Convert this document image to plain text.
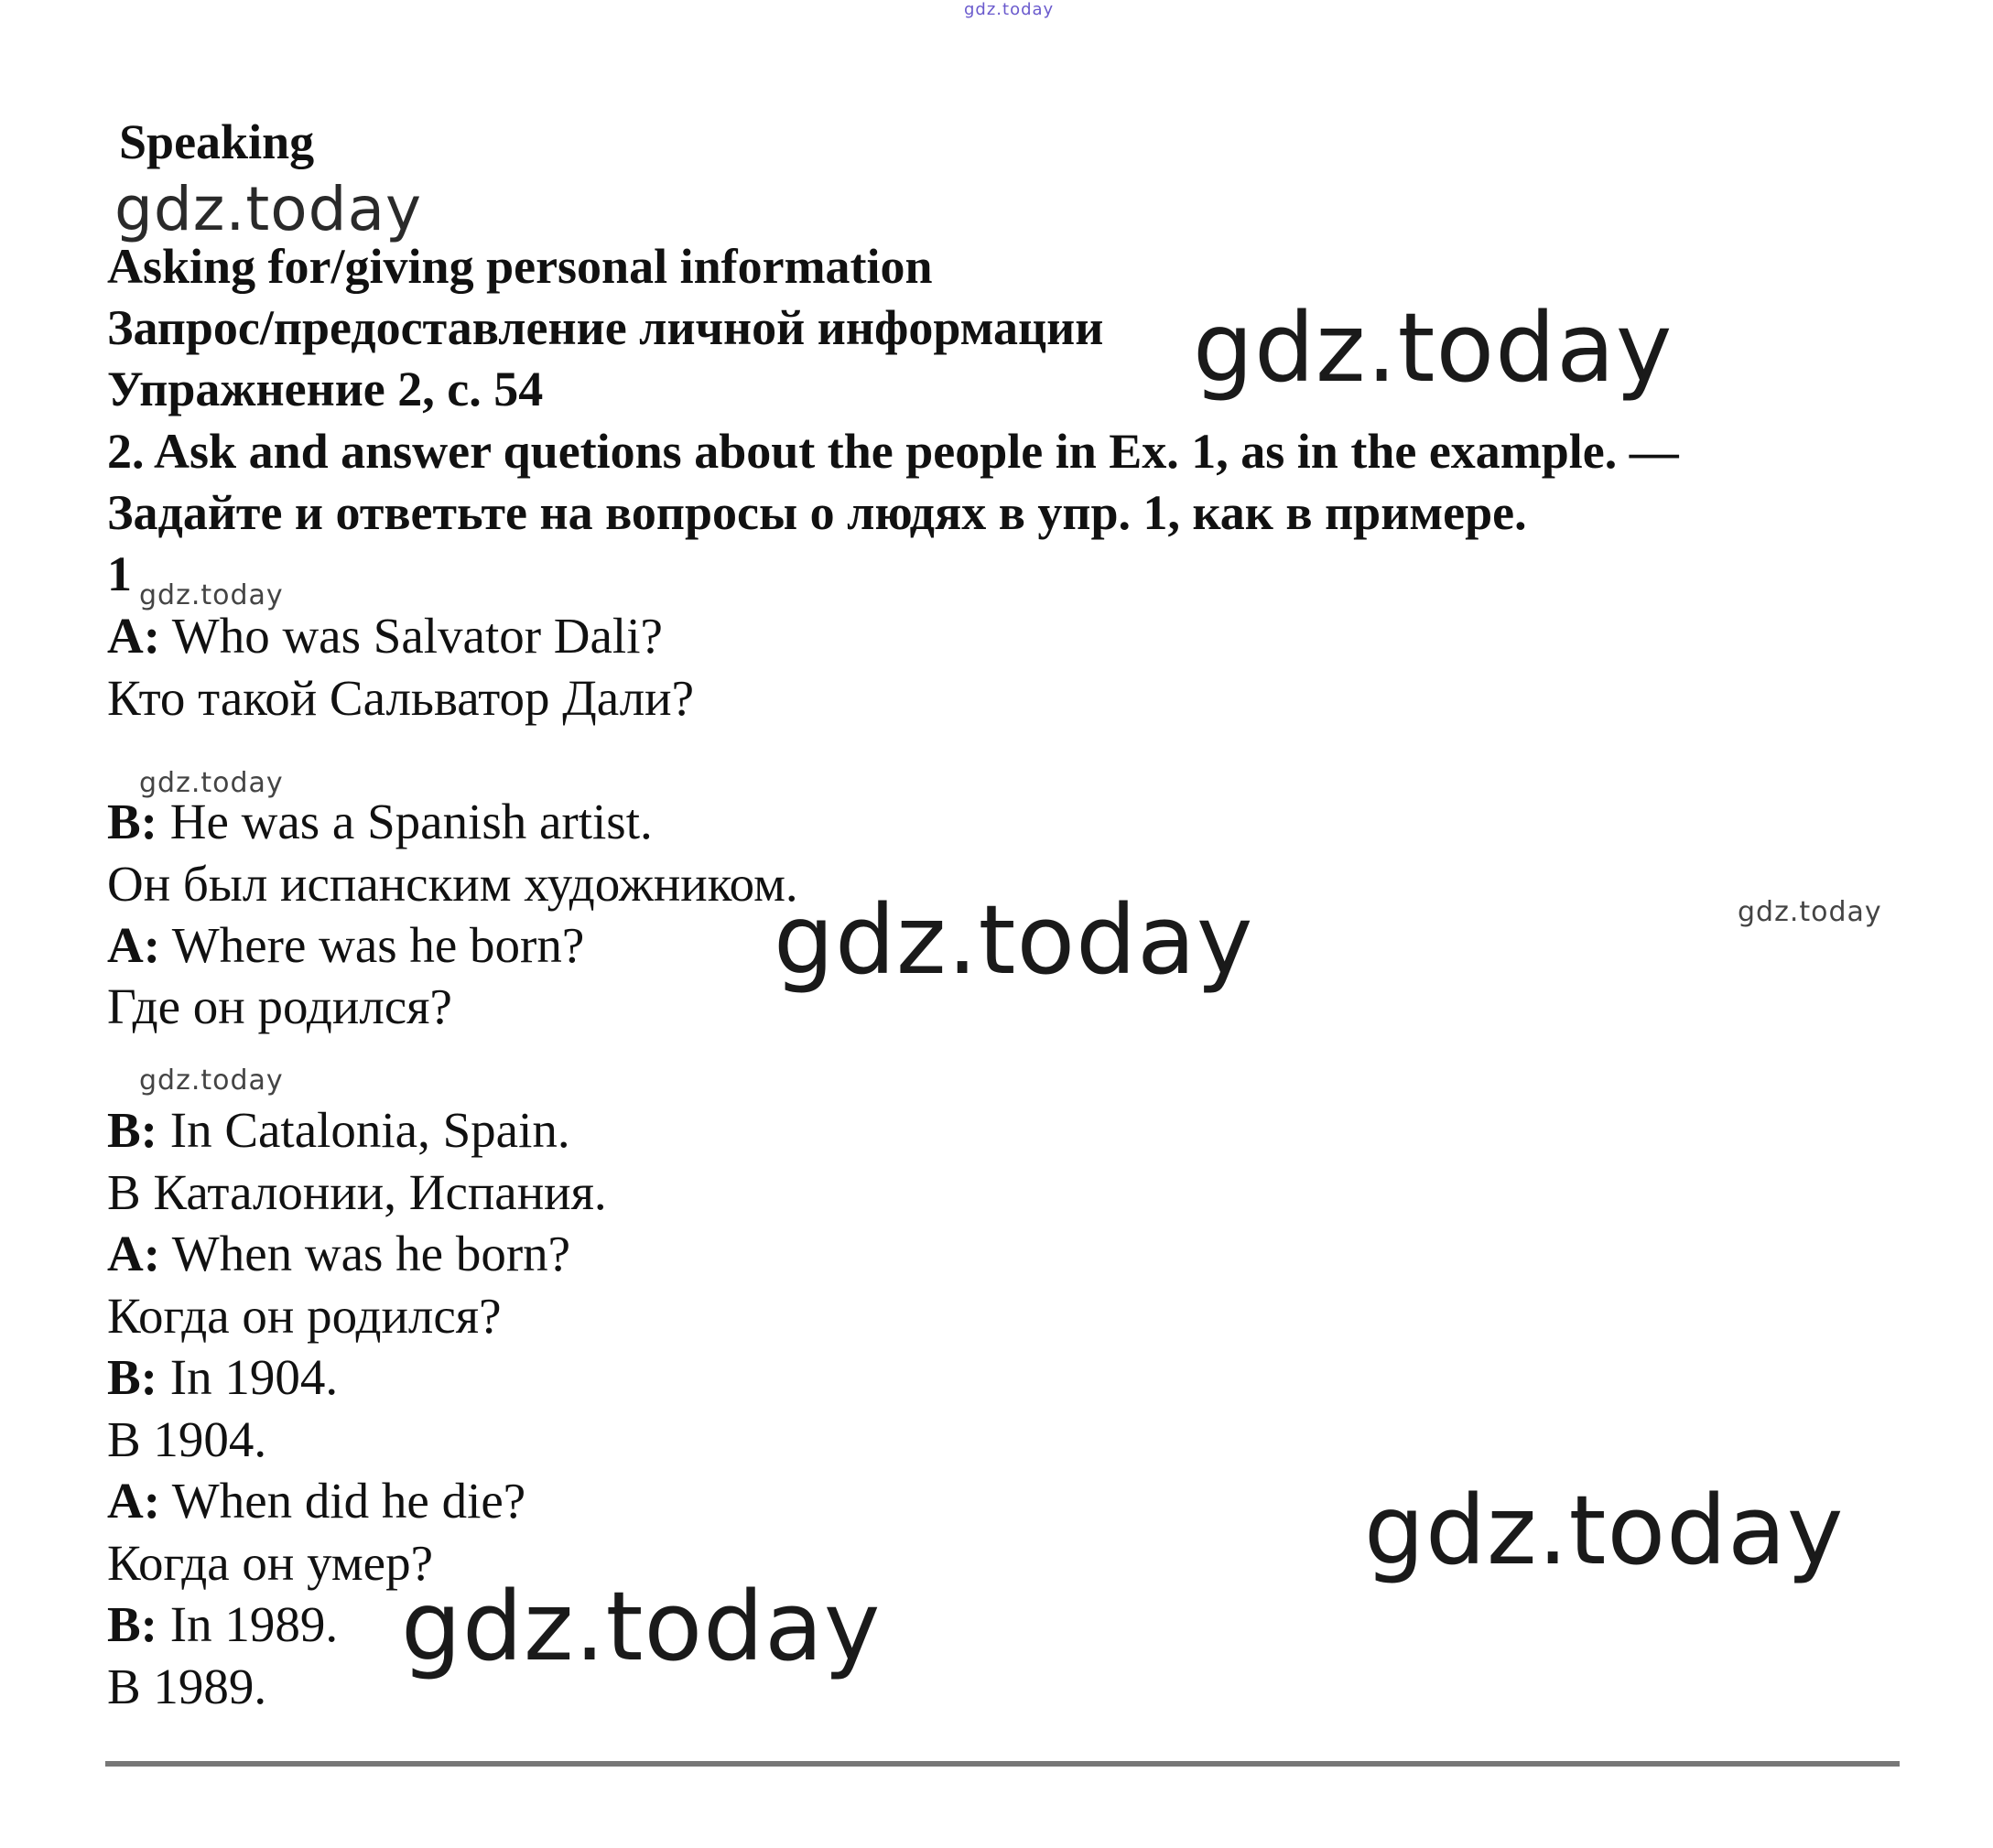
gdz.today
Speaking
gdz.today
Asking for/giving personal information
Запрос/предоставление личной информации gdz.today
Упражнение 2, с. 54
2. Ask and answer quetions about the people in Ex. 1, as in the example. —
Задайте и ответьте на вопросы о людях в упр. 1, как в примере.
1 gdz.today
A: Who was Salvator Dali?
Кто такой Сальватор Дали?
gdz.today
B: He was a Spanish artist.
Он был испанским художником.
A: Where was he born? gdz.today	gdz.today
Где он родился?
gdz.today
B: In Catalonia, Spain.
В Каталонии, Испания.
A: When was he born?
Когда он родился?
B: In 1904.
В 1904.
A: When did he die?	gdz.today
Когда он умер?
B: In 1989. gdz.today
В 1989.
